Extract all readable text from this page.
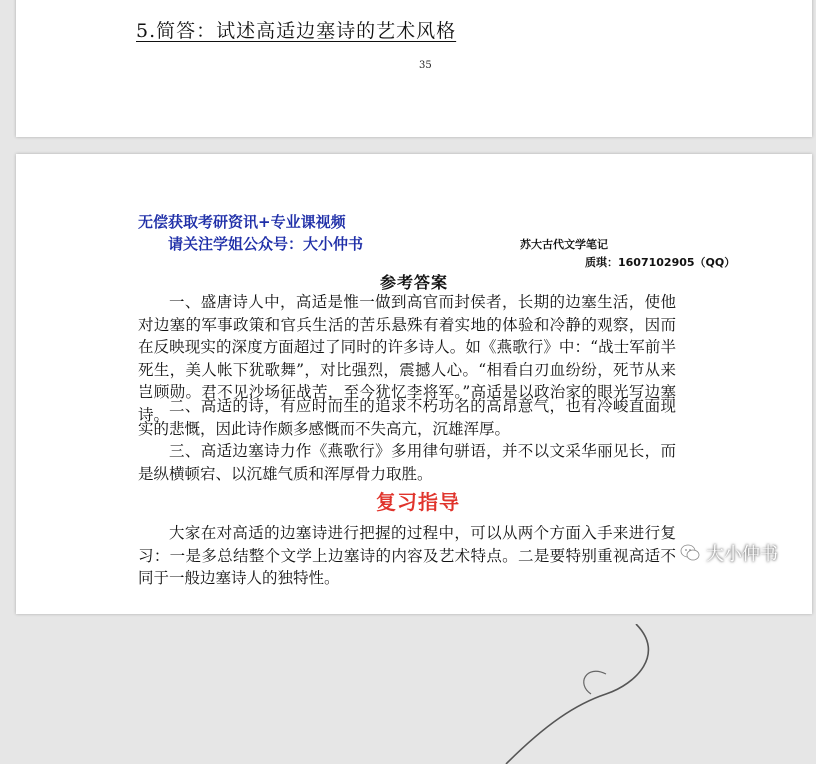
5.简答：试述高适边塞诗的艺术风格
35
无偿获取考研资讯+专业课视频
请关注学姐公众号：大小仲书	苏大古代文学笔记
质琪：1607102905（QQ）
参考答案

一、盛唐诗人中，高适是惟一做到高官而封侯者，长期的边塞生活，使他对边塞的军事政策和官兵生活的苦乐悬殊有着实地的体验和冷静的观察，因而在反映现实的深度方面超过了同时的许多诗人。如《燕歌行》中：“战士军前半死生，美人帐下犹歌舞”，对比强烈，震撼人心。“相看白刃血纷纷，死节从来岂顾勋。君不见沙场征战苦，至今犹忆李将军。”高适是以政治家的眼光写边塞诗。 二、高适的诗，有应时而生的追求不朽功名的高昂意气，也有冷峻直面现实的悲慨，因此诗作颇多感慨而不失高亢，沉雄浑厚。

三、高适边塞诗力作《燕歌行》多用律句骈语，并不以文采华丽见长，而是纵横顿宕、以沉雄气质和浑厚骨力取胜。

复习指导

大家在对高适的边塞诗进行把握的过程中，可以从两个方面入手来进行复习：一是多总结整个文学上边塞诗的内容及艺术特点。二是要特别重视高适不同于一般边塞诗人的独特性。

大小仲书
